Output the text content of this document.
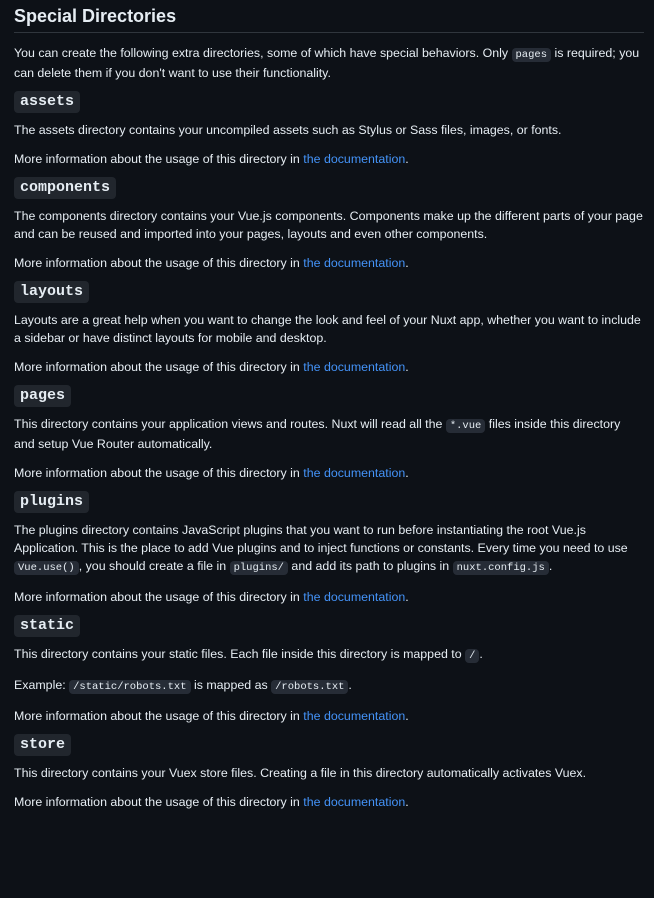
Special Directories

You can create the following extra directories, some of which have special behaviors. Only pages is required; you can delete them if you don't want to use their functionality.

assets

The assets directory contains your uncompiled assets such as Stylus or Sass files, images, or fonts.

More information about the usage of this directory in the documentation.

components

The components directory contains your Vue.js components. Components make up the different parts of your page and can be reused and imported into your pages, layouts and even other components.

More information about the usage of this directory in the documentation.

layouts

Layouts are a great help when you want to change the look and feel of your Nuxt app, whether you want to include a sidebar or have distinct layouts for mobile and desktop.

More information about the usage of this directory in the documentation.

pages

This directory contains your application views and routes. Nuxt will read all the *.vue files inside this directory and setup Vue Router automatically.

More information about the usage of this directory in the documentation.

plugins

The plugins directory contains JavaScript plugins that you want to run before instantiating the root Vue.js Application. This is the place to add Vue plugins and to inject functions or constants. Every time you need to use Vue.use() , you should create a file in plugins/ and add its path to plugins in nuxt.config.js .

More information about the usage of this directory in the documentation.

static

This directory contains your static files. Each file inside this directory is mapped to / .

Example: /static/robots.txt is mapped as /robots.txt .

More information about the usage of this directory in the documentation.

store

This directory contains your Vuex store files. Creating a file in this directory automatically activates Vuex.

More information about the usage of this directory in the documentation.
